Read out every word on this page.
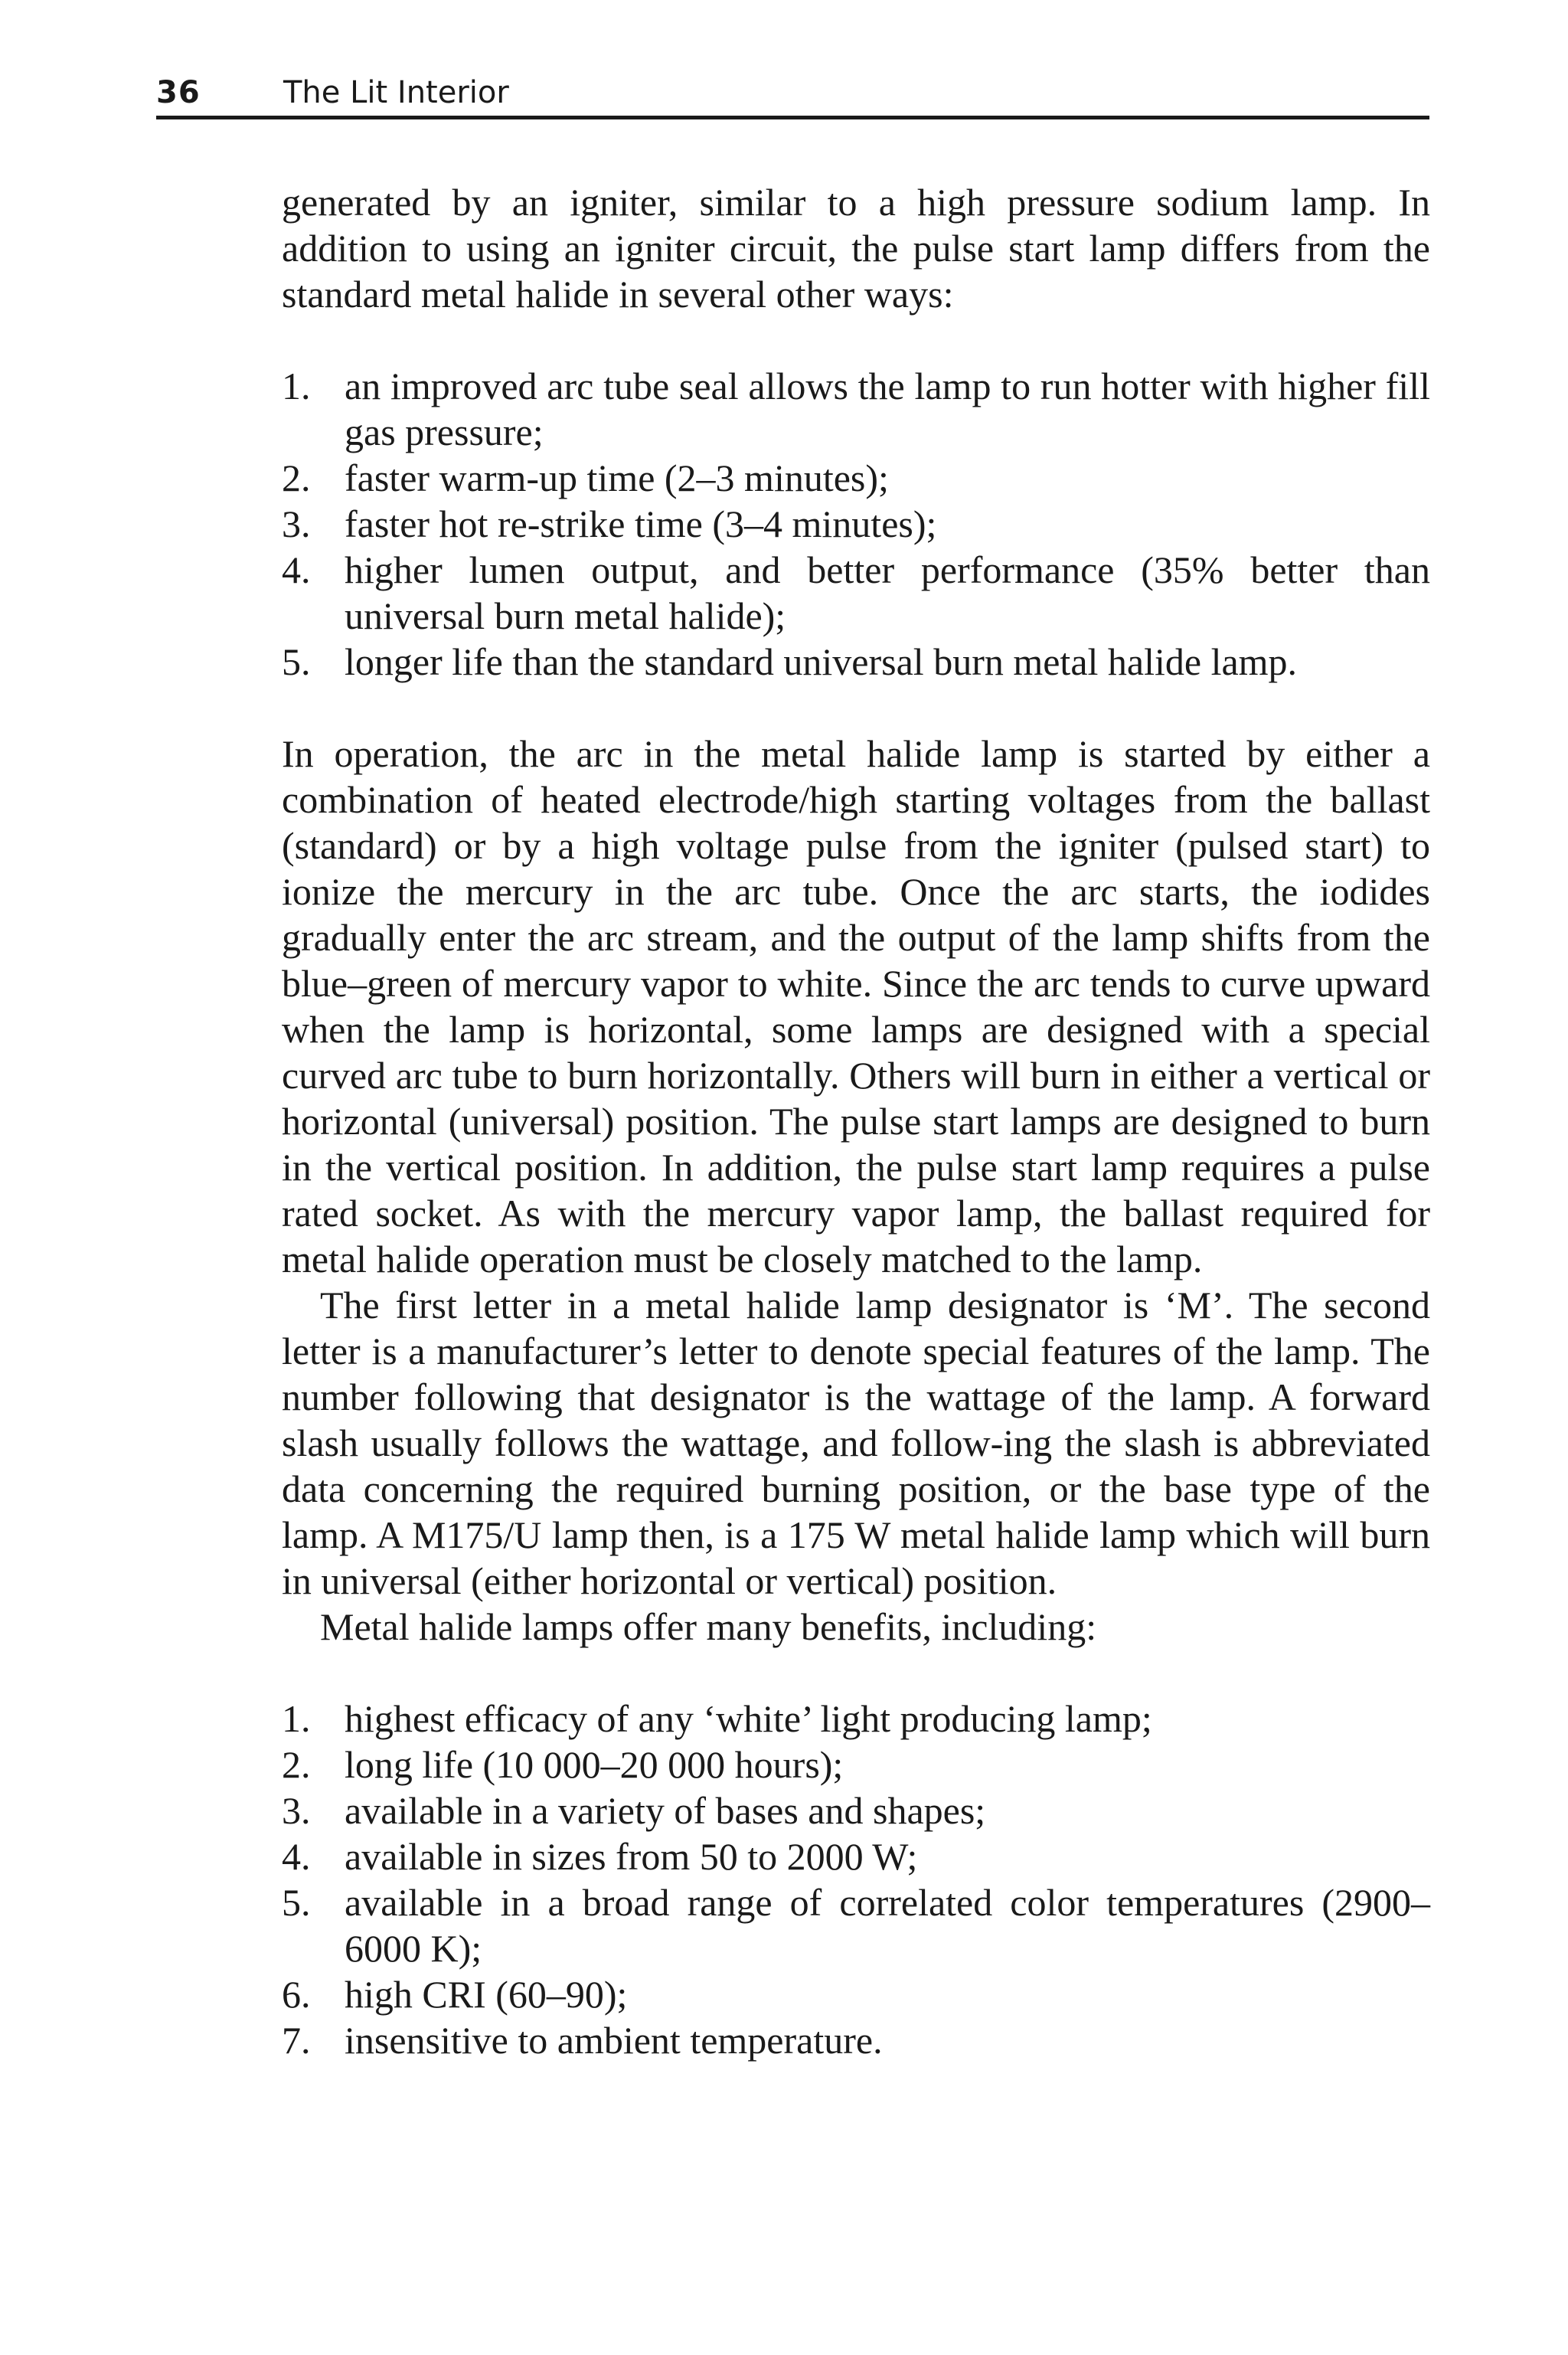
36	The Lit Interior

generated by an igniter, similar to a high pressure sodium lamp. In addition to using an igniter circuit, the pulse start lamp differs from the standard metal halide in several other ways:

1. an improved arc tube seal allows the lamp to run hotter with higher fill gas pressure;
2. faster warm-up time (2–3 minutes);
3. faster hot re-strike time (3–4 minutes);
4. higher lumen output, and better performance (35% better than universal burn metal halide);
5. longer life than the standard universal burn metal halide lamp.

In operation, the arc in the metal halide lamp is started by either a combination of heated electrode/high starting voltages from the ballast (standard) or by a high voltage pulse from the igniter (pulsed start) to ionize the mercury in the arc tube. Once the arc starts, the iodides gradually enter the arc stream, and the output of the lamp shifts from the blue–green of mercury vapor to white. Since the arc tends to curve upward when the lamp is horizontal, some lamps are designed with a special curved arc tube to burn horizontally. Others will burn in either a vertical or horizontal (universal) position. The pulse start lamps are designed to burn in the vertical position. In addition, the pulse start lamp requires a pulse rated socket. As with the mercury vapor lamp, the ballast required for metal halide operation must be closely matched to the lamp.

The first letter in a metal halide lamp designator is ‘M’. The second letter is a manufacturer’s letter to denote special features of the lamp. The number following that designator is the wattage of the lamp. A forward slash usually follows the wattage, and follow-ing the slash is abbreviated data concerning the required burning position, or the base type of the lamp. A M175/U lamp then, is a 175 W metal halide lamp which will burn in universal (either horizontal or vertical) position.

Metal halide lamps offer many benefits, including:

1. highest efficacy of any ‘white’ light producing lamp;
2. long life (10 000–20 000 hours);
3. available in a variety of bases and shapes;
4. available in sizes from 50 to 2000 W;
5. available in a broad range of correlated color temperatures (2900–6000 K);
6. high CRI (60–90);
7. insensitive to ambient temperature.
